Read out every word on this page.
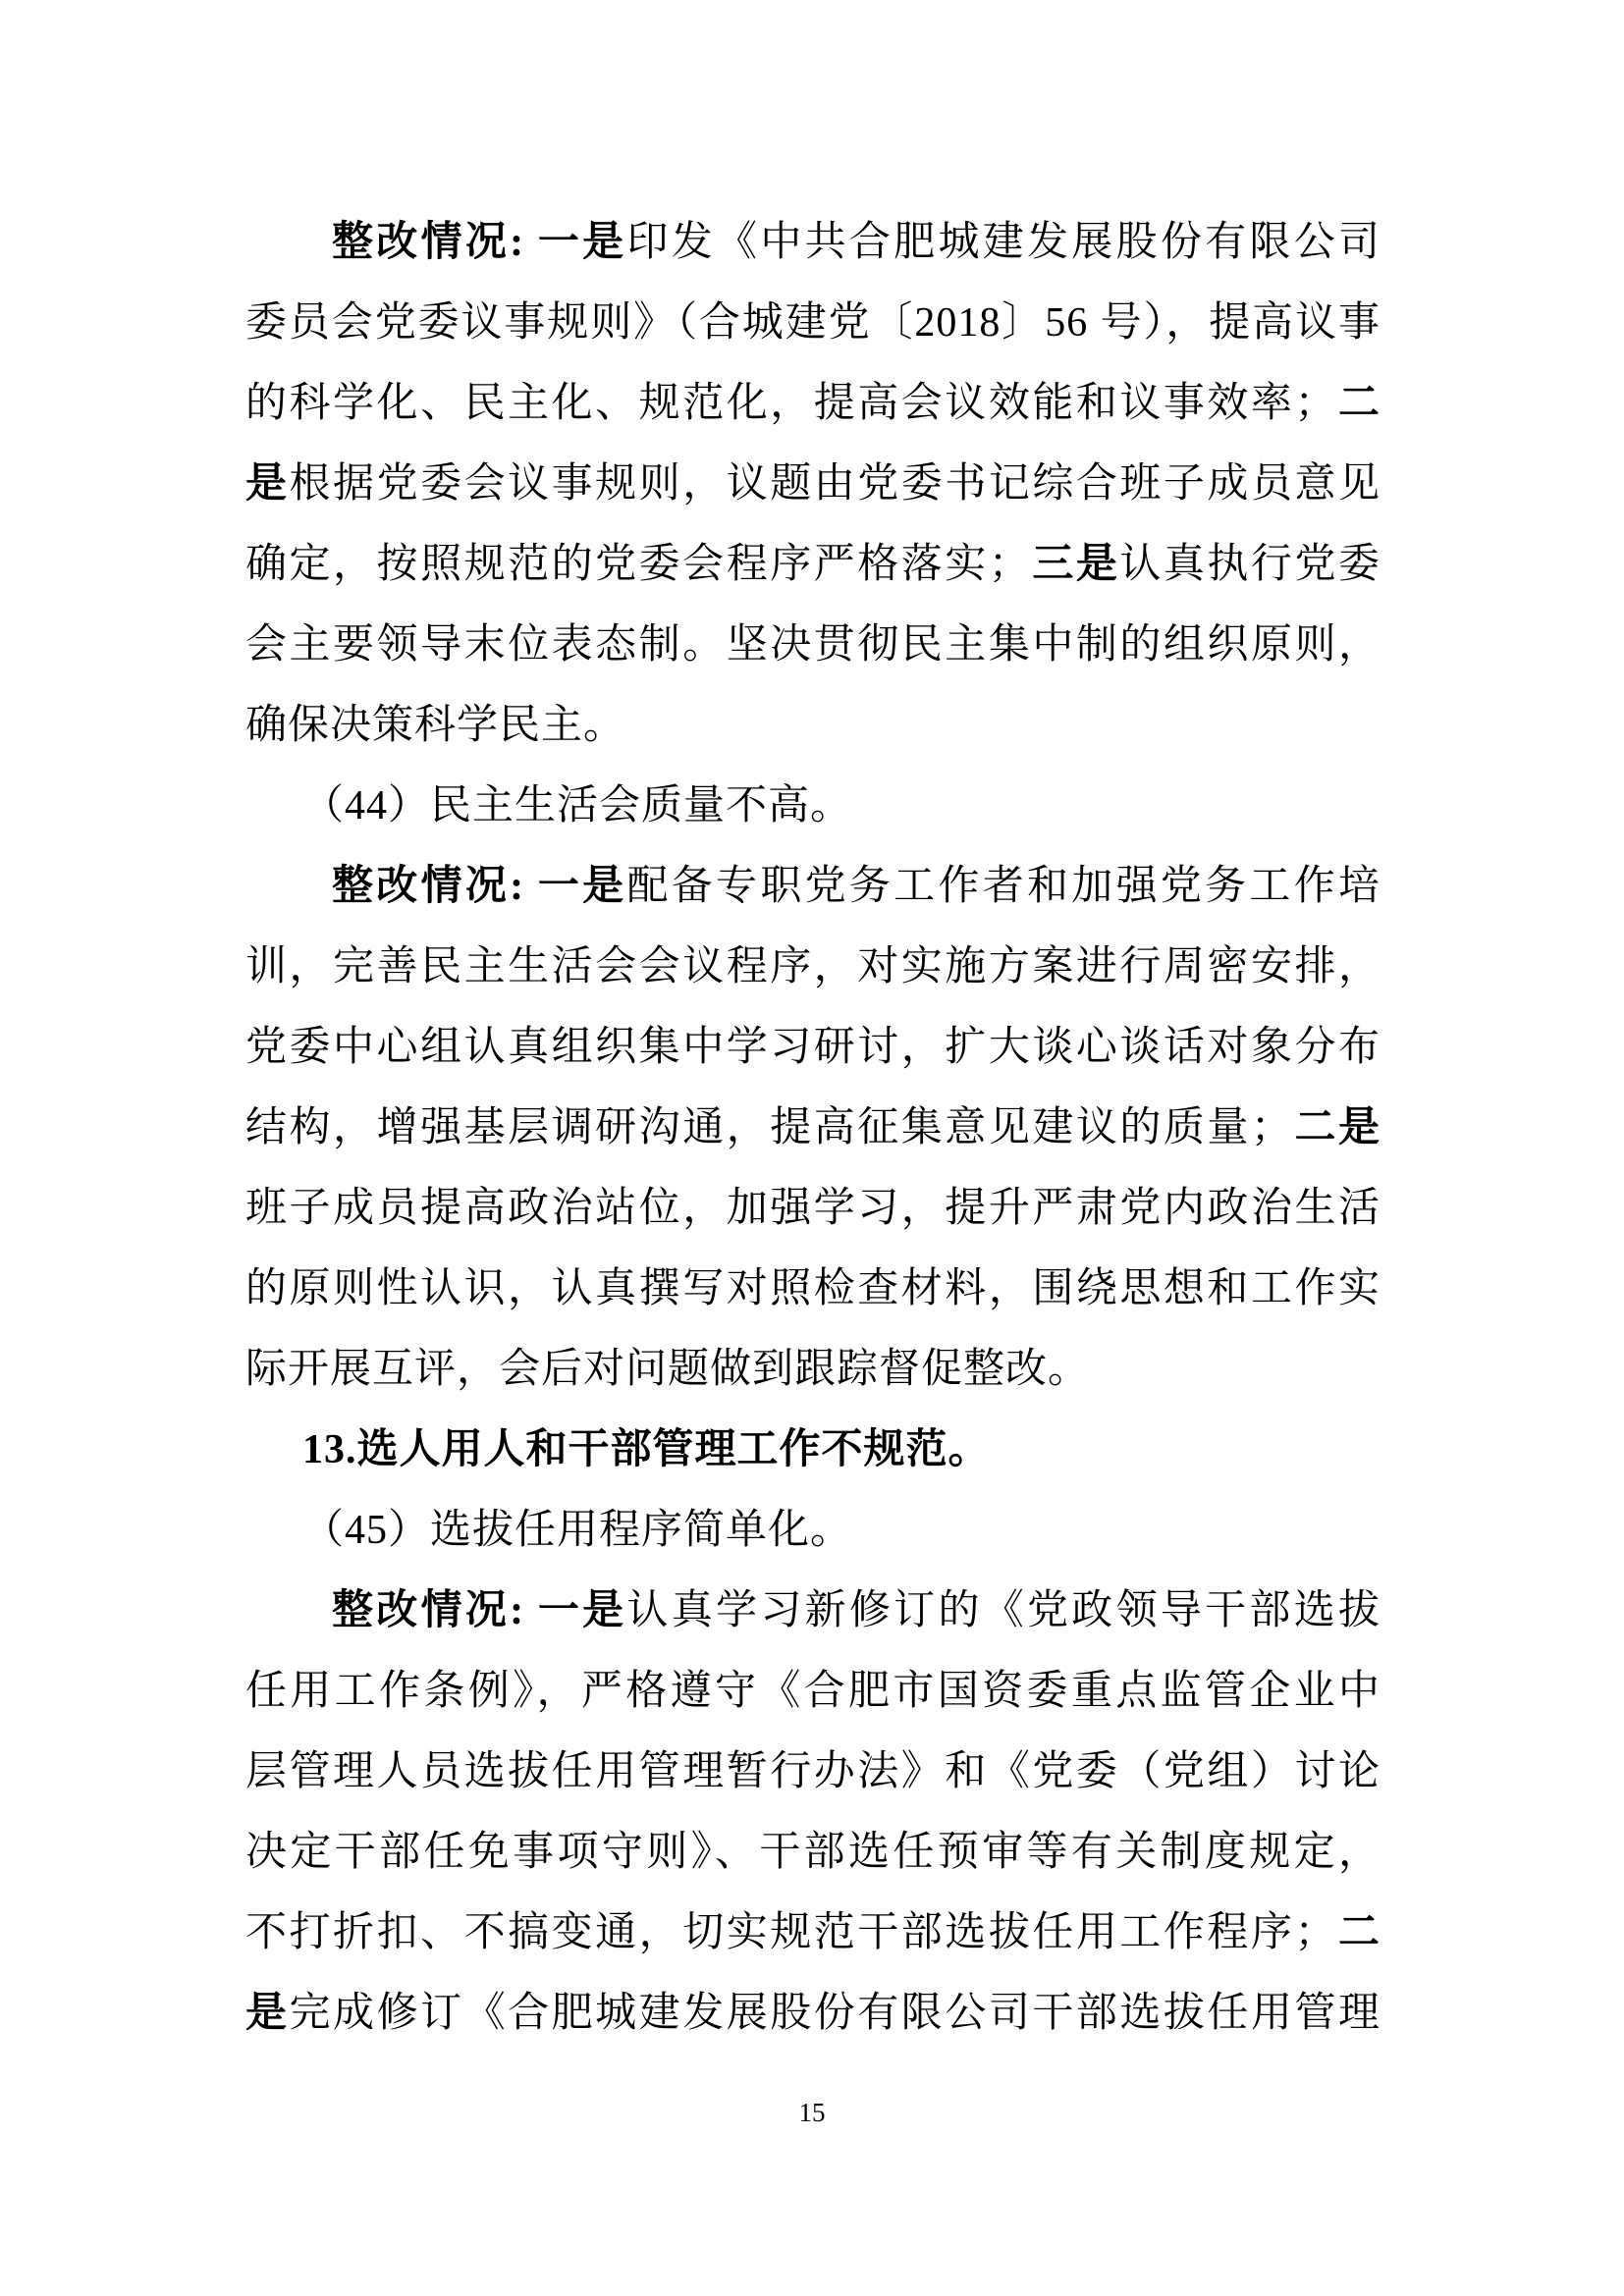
整改情况: 一是印发《中共合肥城建发展股份有限公司
委员会党委议事规则》（合城建党〔2018〕56 号），提高议事
的科学化、民主化、规范化，提高会议效能和议事效率；二
是根据党委会议事规则，议题由党委书记综合班子成员意见
确定，按照规范的党委会程序严格落实；三是认真执行党委
会主要领导末位表态制。坚决贯彻民主集中制的组织原则，
确保决策科学民主。
（44）民主生活会质量不高。
整改情况: 一是配备专职党务工作者和加强党务工作培
训，完善民主生活会会议程序，对实施方案进行周密安排，
党委中心组认真组织集中学习研讨，扩大谈心谈话对象分布
结构，增强基层调研沟通，提高征集意见建议的质量；二是
班子成员提高政治站位，加强学习，提升严肃党内政治生活
的原则性认识，认真撰写对照检查材料，围绕思想和工作实
际开展互评，会后对问题做到跟踪督促整改。
13.选人用人和干部管理工作不规范。
（45）选拔任用程序简单化。
整改情况: 一是认真学习新修订的《党政领导干部选拔
任用工作条例》，严格遵守《合肥市国资委重点监管企业中
层管理人员选拔任用管理暂行办法》和《党委（党组）讨论
决定干部任免事项守则》、干部选任预审等有关制度规定，
不打折扣、不搞变通，切实规范干部选拔任用工作程序；二
是完成修订《合肥城建发展股份有限公司干部选拔任用管理
15
